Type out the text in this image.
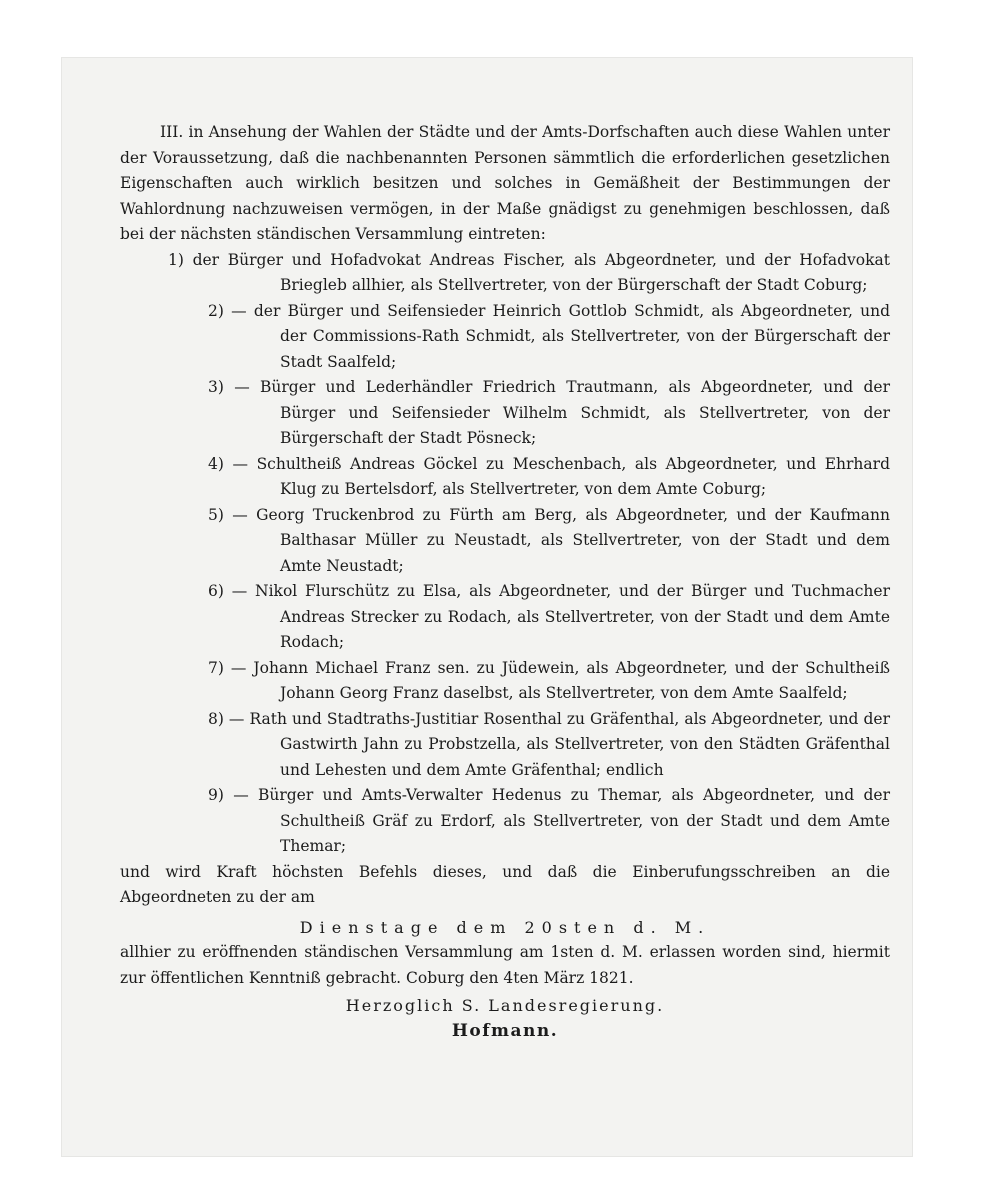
III. in Ansehung der Wahlen der Städte und der Amts-Dorfschaften auch diese Wahlen unter der Voraussetzung, daß die nachbenannten Personen sämmtlich die erforderlichen gesetzlichen Eigenschaften auch wirklich besitzen und solches in Gemäßheit der Bestimmungen der Wahlordnung nachzuweisen vermögen, in der Maße gnädigst zu genehmigen beschlossen, daß bei der nächsten ständischen Versammlung eintreten:
1) der Bürger und Hofadvokat Andreas Fischer, als Abgeordneter, und der Hofadvokat Briegleb allhier, als Stellvertreter, von der Bürgerschaft der Stadt Coburg;
2) — der Bürger und Seifensieder Heinrich Gottlob Schmidt, als Abgeordneter, und der Commissions-Rath Schmidt, als Stellvertreter, von der Bürgerschaft der Stadt Saalfeld;
3) — Bürger und Lederhändler Friedrich Trautmann, als Abgeordneter, und der Bürger und Seifensieder Wilhelm Schmidt, als Stellvertreter, von der Bürgerschaft der Stadt Pösneck;
4) — Schultheiß Andreas Göckel zu Meschenbach, als Abgeordneter, und Ehrhard Klug zu Bertelsdorf, als Stellvertreter, von dem Amte Coburg;
5) — Georg Truckenbrod zu Fürth am Berg, als Abgeordneter, und der Kaufmann Balthasar Müller zu Neustadt, als Stellvertreter, von der Stadt und dem Amte Neustadt;
6) — Nikol Flurschütz zu Elsa, als Abgeordneter, und der Bürger und Tuchmacher Andreas Strecker zu Rodach, als Stellvertreter, von der Stadt und dem Amte Rodach;
7) — Johann Michael Franz sen. zu Jüdewein, als Abgeordneter, und der Schultheiß Johann Georg Franz daselbst, als Stellvertreter, von dem Amte Saalfeld;
8) — Rath und Stadtraths-Justitiar Rosenthal zu Gräfenthal, als Abgeordneter, und der Gastwirth Jahn zu Probstzella, als Stellvertreter, von den Städten Gräfenthal und Lehesten und dem Amte Gräfenthal; endlich
9) — Bürger und Amts-Verwalter Hedenus zu Themar, als Abgeordneter, und der Schultheiß Gräf zu Erdorf, als Stellvertreter, von der Stadt und dem Amte Themar;
und wird Kraft höchsten Befehls dieses, und daß die Einberufungsschreiben an die Abgeordneten zu der am
Dienstage dem 20sten d. M.
allhier zu eröffnenden ständischen Versammlung am 1sten d. M. erlassen worden sind, hiermit zur öffentlichen Kenntniß gebracht. Coburg den 4ten März 1821.
Herzoglich S. Landesregierung.
Hofmann.
